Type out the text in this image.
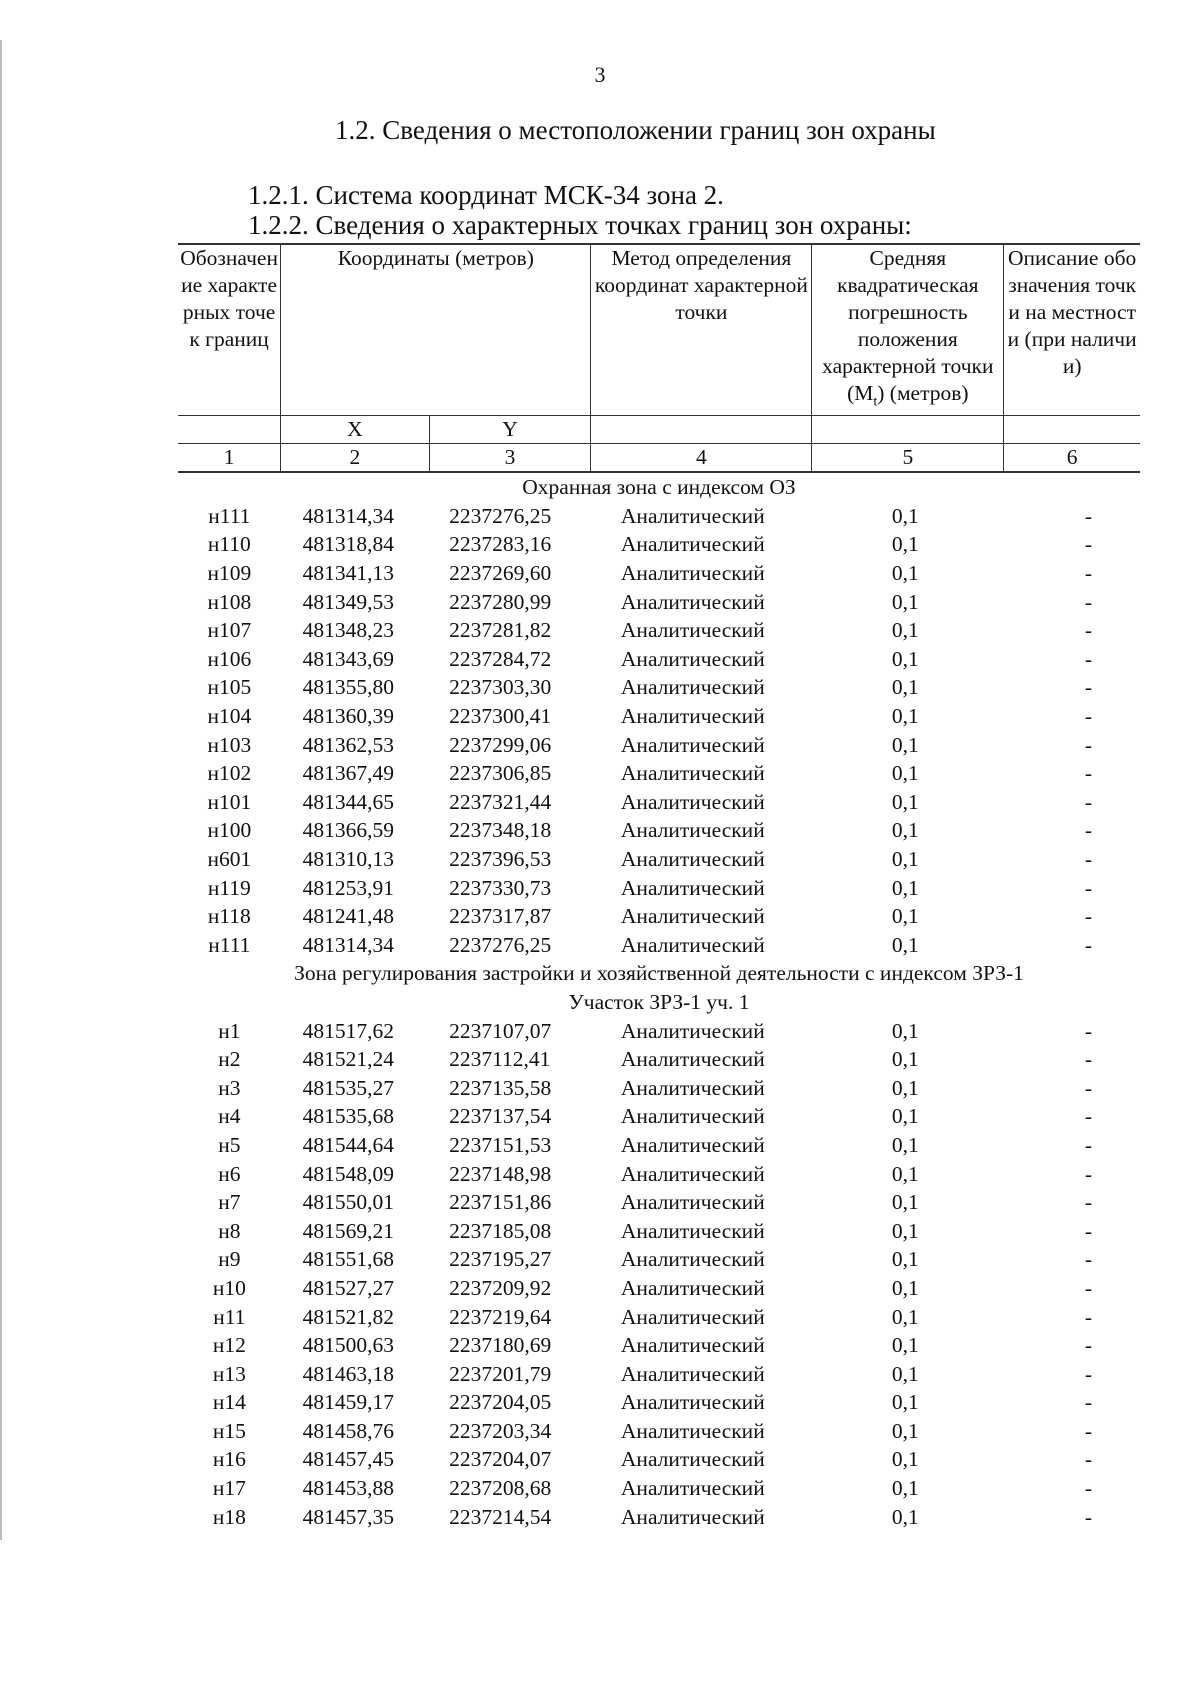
3
1.2. Сведения о местоположении границ зон охраны
1.2.1. Система координат МСК-34 зона 2.
1.2.2. Сведения о характерных точках границ зон охраны:
Обозначение характерных точек границ	Координаты (метров)		Метод определения координат характерной точки	Средняя квадратическая погрешность положения характерной точки $(M_t)$ (метров)	Описание обозначения точки на местности (при наличии)
	X	Y			
1	2	3	4	5	6
Охранная зона с индексом ОЗ					
н111	481314,34	2237276,25	Аналитический	0,1	-
н110	481318,84	2237283,16	Аналитический	0,1	-
н109	481341,13	2237269,60	Аналитический	0,1	-
н108	481349,53	2237280,99	Аналитический	0,1	-
н107	481348,23	2237281,82	Аналитический	0,1	-
н106	481343,69	2237284,72	Аналитический	0,1	-
н105	481355,80	2237303,30	Аналитический	0,1	-
н104	481360,39	2237300,41	Аналитический	0,1	-
н103	481362,53	2237299,06	Аналитический	0,1	-
н102	481367,49	2237306,85	Аналитический	0,1	-
н101	481344,65	2237321,44	Аналитический	0,1	-
н100	481366,59	2237348,18	Аналитический	0,1	-
н601	481310,13	2237396,53	Аналитический	0,1	-
н119	481253,91	2237330,73	Аналитический	0,1	-
н118	481241,48	2237317,87	Аналитический	0,1	-
н111	481314,34	2237276,25	Аналитический	0,1	-
Зона регулирования застройки и хозяйственной деятельности с индексом ЗРЗ-1					
Участок ЗРЗ-1 уч. 1					
н1	481517,62	2237107,07	Аналитический	0,1	-
н2	481521,24	2237112,41	Аналитический	0,1	-
н3	481535,27	2237135,58	Аналитический	0,1	-
н4	481535,68	2237137,54	Аналитический	0,1	-
н5	481544,64	2237151,53	Аналитический	0,1	-
н6	481548,09	2237148,98	Аналитический	0,1	-
н7	481550,01	2237151,86	Аналитический	0,1	-
н8	481569,21	2237185,08	Аналитический	0,1	-
н9	481551,68	2237195,27	Аналитический	0,1	-
н10	481527,27	2237209,92	Аналитический	0,1	-
н11	481521,82	2237219,64	Аналитический	0,1	-
н12	481500,63	2237180,69	Аналитический	0,1	-
н13	481463,18	2237201,79	Аналитический	0,1	-
н14	481459,17	2237204,05	Аналитический	0,1	-
н15	481458,76	2237203,34	Аналитический	0,1	-
н16	481457,45	2237204,07	Аналитический	0,1	-
н17	481453,88	2237208,68	Аналитический	0,1	-
н18	481457,35	2237214,54	Аналитический	0,1	-
